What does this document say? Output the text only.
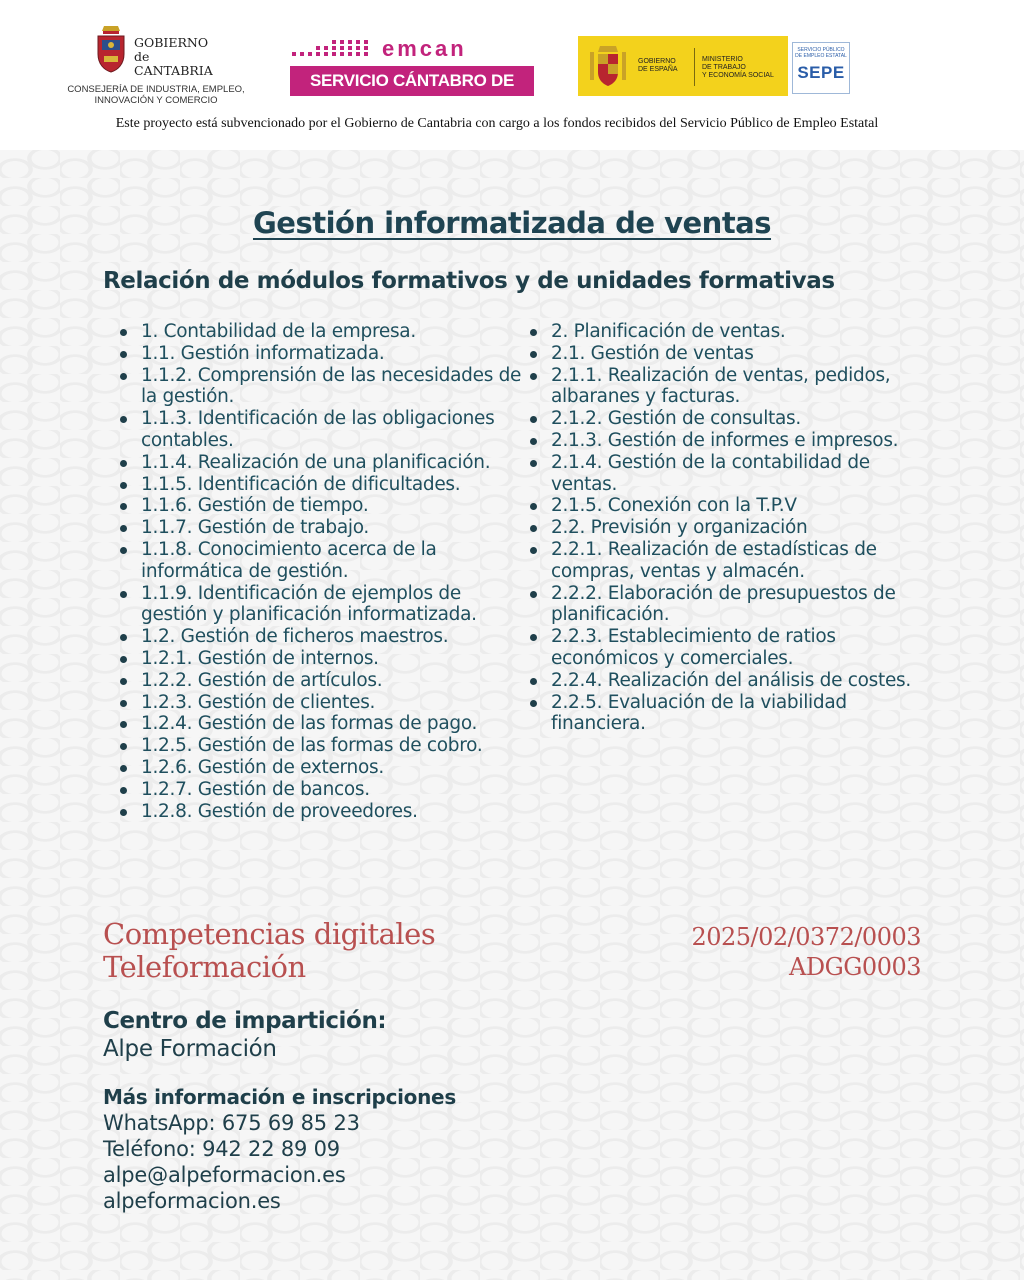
GOBIERNO
de
CANTABRIA
CONSEJERÍA DE INDUSTRIA, EMPLEO,
INNOVACIÓN Y COMERCIO
emcan
SERVICIO CÁNTABRO DE EMPLEO
GOBIERNO
DE ESPAÑA
MINISTERIO
DE TRABAJO
Y ECONOMÍA SOCIAL
SERVICIO PÚBLICO
DE EMPLEO ESTATAL
SEPE
Este proyecto está subvencionado por el Gobierno de Cantabria con cargo a los fondos recibidos del Servicio Público de Empleo Estatal
Gestión informatizada de ventas
Relación de módulos formativos y de unidades formativas
1. Contabilidad de la empresa.
1.1. Gestión informatizada.
1.1.2. Comprensión de las necesidades de la gestión.
1.1.3. Identificación de las obligaciones contables.
1.1.4. Realización de una planificación.
1.1.5. Identificación de dificultades.
1.1.6. Gestión de tiempo.
1.1.7. Gestión de trabajo.
1.1.8. Conocimiento acerca de la informática de gestión.
1.1.9. Identificación de ejemplos de gestión y planificación informatizada.
1.2. Gestión de ficheros maestros.
1.2.1. Gestión de internos.
1.2.2. Gestión de artículos.
1.2.3. Gestión de clientes.
1.2.4. Gestión de las formas de pago.
1.2.5. Gestión de las formas de cobro.
1.2.6. Gestión de externos.
1.2.7. Gestión de bancos.
1.2.8. Gestión de proveedores.
2. Planificación de ventas.
2.1. Gestión de ventas
2.1.1. Realización de ventas, pedidos, albaranes y facturas.
2.1.2. Gestión de consultas.
2.1.3. Gestión de informes e impresos.
2.1.4. Gestión de la contabilidad de ventas.
2.1.5. Conexión con la T.P.V
2.2. Previsión y organización
2.2.1. Realización de estadísticas de compras, ventas y almacén.
2.2.2. Elaboración de presupuestos de planificación.
2.2.3. Establecimiento de ratios económicos y comerciales.
2.2.4. Realización del análisis de costes.
2.2.5. Evaluación de la viabilidad financiera.
Competencias digitales
Teleformación
2025/02/0372/0003
ADGG0003
Centro de impartición:
Alpe Formación
Más información e inscripciones
WhatsApp: 675 69 85 23
Teléfono: 942 22 89 09
alpe@alpeformacion.es
alpeformacion.es
